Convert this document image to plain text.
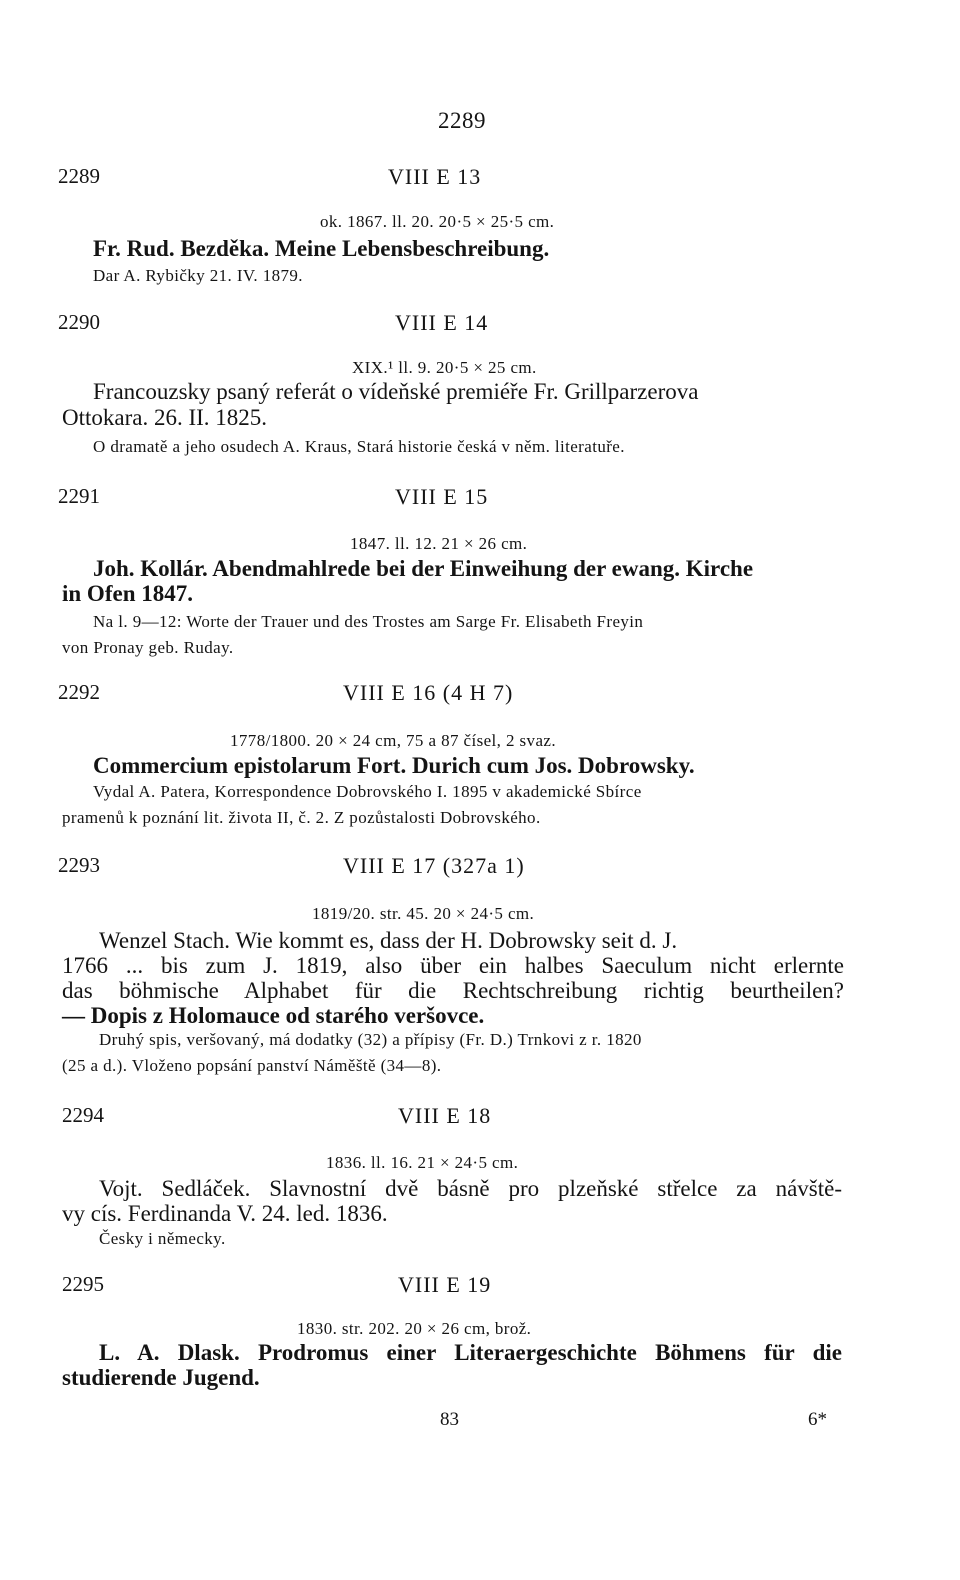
2289
2289	VIII E 13
ok. 1867. ll. 20. 20·5 × 25·5 cm.
Fr. Rud. Bezděka. Meine Lebensbeschreibung.
Dar A. Rybičky 21. IV. 1879.
2290	VIII E 14
XIX.¹ ll. 9. 20·5 × 25 cm.
Francouzsky psaný referát o vídeňské premiéře Fr. Grillparzerova
Ottokara. 26. II. 1825.
O dramatě a jeho osudech A. Kraus, Stará historie česká v něm. literatuře.
2291	VIII E 15
1847. ll. 12. 21 × 26 cm.
Joh. Kollár. Abendmahlrede bei der Einweihung der ewang. Kirche
in Ofen 1847.
Na l. 9—12: Worte der Trauer und des Trostes am Sarge Fr. Elisabeth Freyin
von Pronay geb. Ruday.
2292	VIII E 16 (4 H 7)
1778/1800. 20 × 24 cm, 75 a 87 čísel, 2 svaz.
Commercium epistolarum Fort. Durich cum Jos. Dobrowsky.
Vydal A. Patera, Korrespondence Dobrovského I. 1895 v akademické Sbírce
pramenů k poznání lit. života II, č. 2. Z pozůstalosti Dobrovského.
2293	VIII E 17 (327a 1)
1819/20. str. 45. 20 × 24·5 cm.
Wenzel Stach. Wie kommt es, dass der H. Dobrowsky seit d. J.
1766 ... bis zum J. 1819, also über ein halbes Saeculum nicht erlernte
das böhmische Alphabet für die Rechtschreibung richtig beurtheilen?
— Dopis z Holomauce od starého veršovce.
Druhý spis, veršovaný, má dodatky (32) a přípisy (Fr. D.) Trnkovi z r. 1820
(25 a d.). Vloženo popsání panství Náměště (34—8).
2294	VIII E 18
1836. ll. 16. 21 × 24·5 cm.
Vojt. Sedláček. Slavnostní dvě básně pro plzeňské střelce za návště-
vy cís. Ferdinanda V. 24. led. 1836.
Česky i německy.
2295	VIII E 19
1830. str. 202. 20 × 26 cm, brož.
L. A. Dlask. Prodromus einer Literaergeschichte Böhmens für die
studierende Jugend.
83	6*
